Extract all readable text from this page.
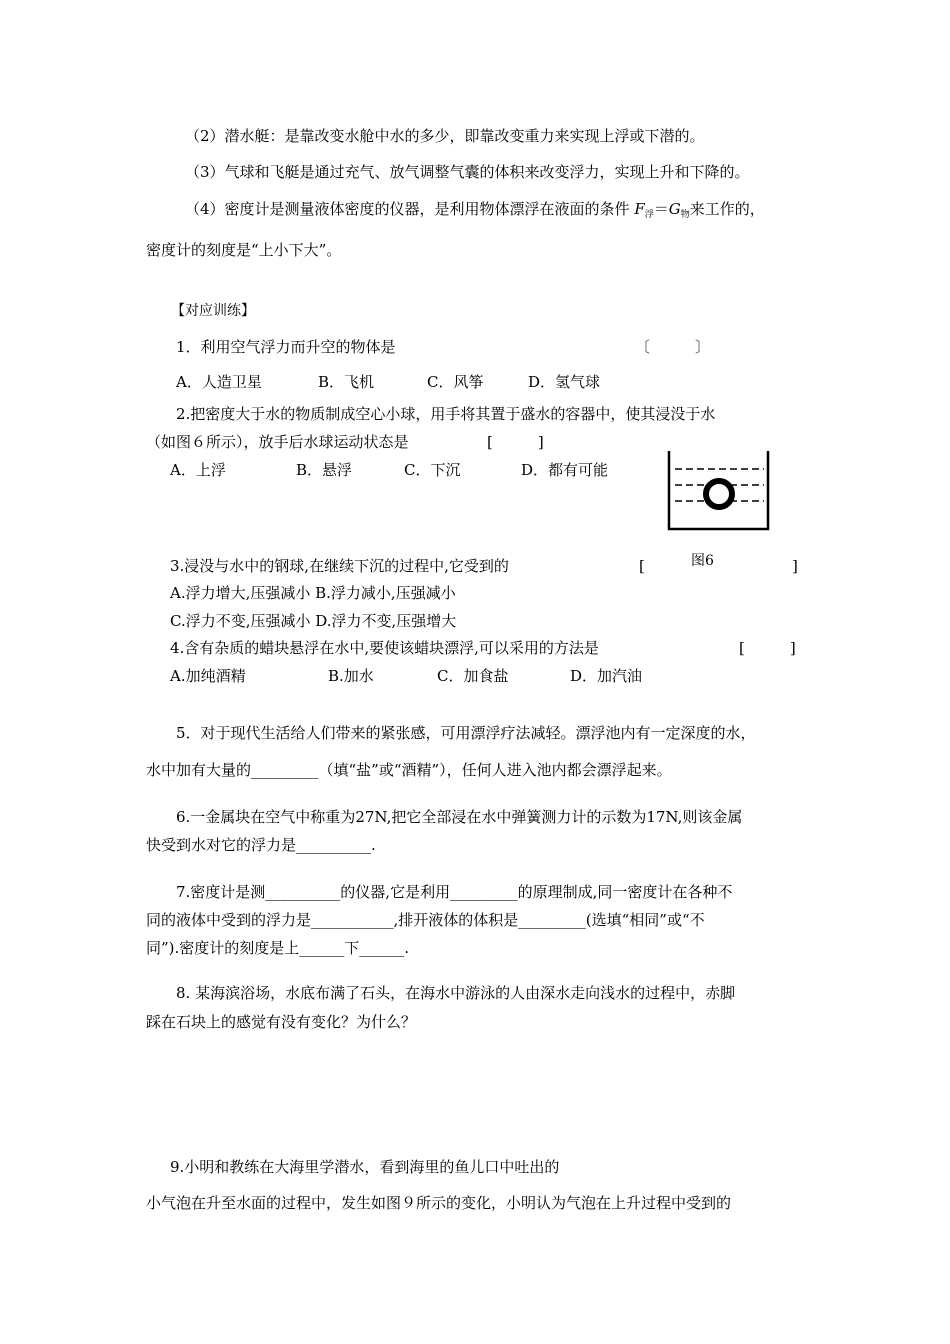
（2）潜水艇：是靠改变水舱中水的多少，即靠改变重力来实现上浮或下潜的。
（3）气球和飞艇是通过充气、放气调整气囊的体积来改变浮力，实现上升和下降的。
（4）密度计是测量液体密度的仪器，是利用物体漂浮在液面的条件 $F_浮=G_物$来工作的，
密度计的刻度是“上小下大”。
【对应训练】
1．利用空气浮力而升空的物体是	〔　　　〕
A．人造卫星	B．飞机	C．风筝	D．氢气球
2.把密度大于水的物质制成空心小球，用手将其置于盛水的容器中，使其浸没于水
（如图６所示），放手后水球运动状态是	[　　　]
A．上浮	B．悬浮	C．下沉	D．都有可能
图6
3.浸没与水中的钢球,在继续下沉的过程中,它受到的	[	]
A.浮力增大,压强减小 B.浮力减小,压强减小
C.浮力不变,压强减小 D.浮力不变,压强增大
4.含有杂质的蜡块悬浮在水中,要使该蜡块漂浮,可以采用的方法是	[　　　]
A.加纯酒精	B.加水	C．加食盐	D．加汽油
5．对于现代生活给人们带来的紧张感，可用漂浮疗法减轻。漂浮池内有一定深度的水，
水中加有大量的_________（填“盐”或“酒精”），任何人进入池内都会漂浮起来。
6.一金属块在空气中称重为27N,把它全部浸在水中弹簧测力计的示数为17N,则该金属
快受到水对它的浮力是__________.
7.密度计是测__________的仪器,它是利用_________的原理制成,同一密度计在各种不
同的液体中受到的浮力是___________,排开液体的体积是_________(选填“相同”或“不
同”).密度计的刻度是上______下______.
8. 某海滨浴场，水底布满了石头，在海水中游泳的人由深水走向浅水的过程中，赤脚
踩在石块上的感觉有没有变化？为什么？
9.小明和教练在大海里学潜水，看到海里的鱼儿口中吐出的
小气泡在升至水面的过程中，发生如图９所示的变化，小明认为气泡在上升过程中受到的
